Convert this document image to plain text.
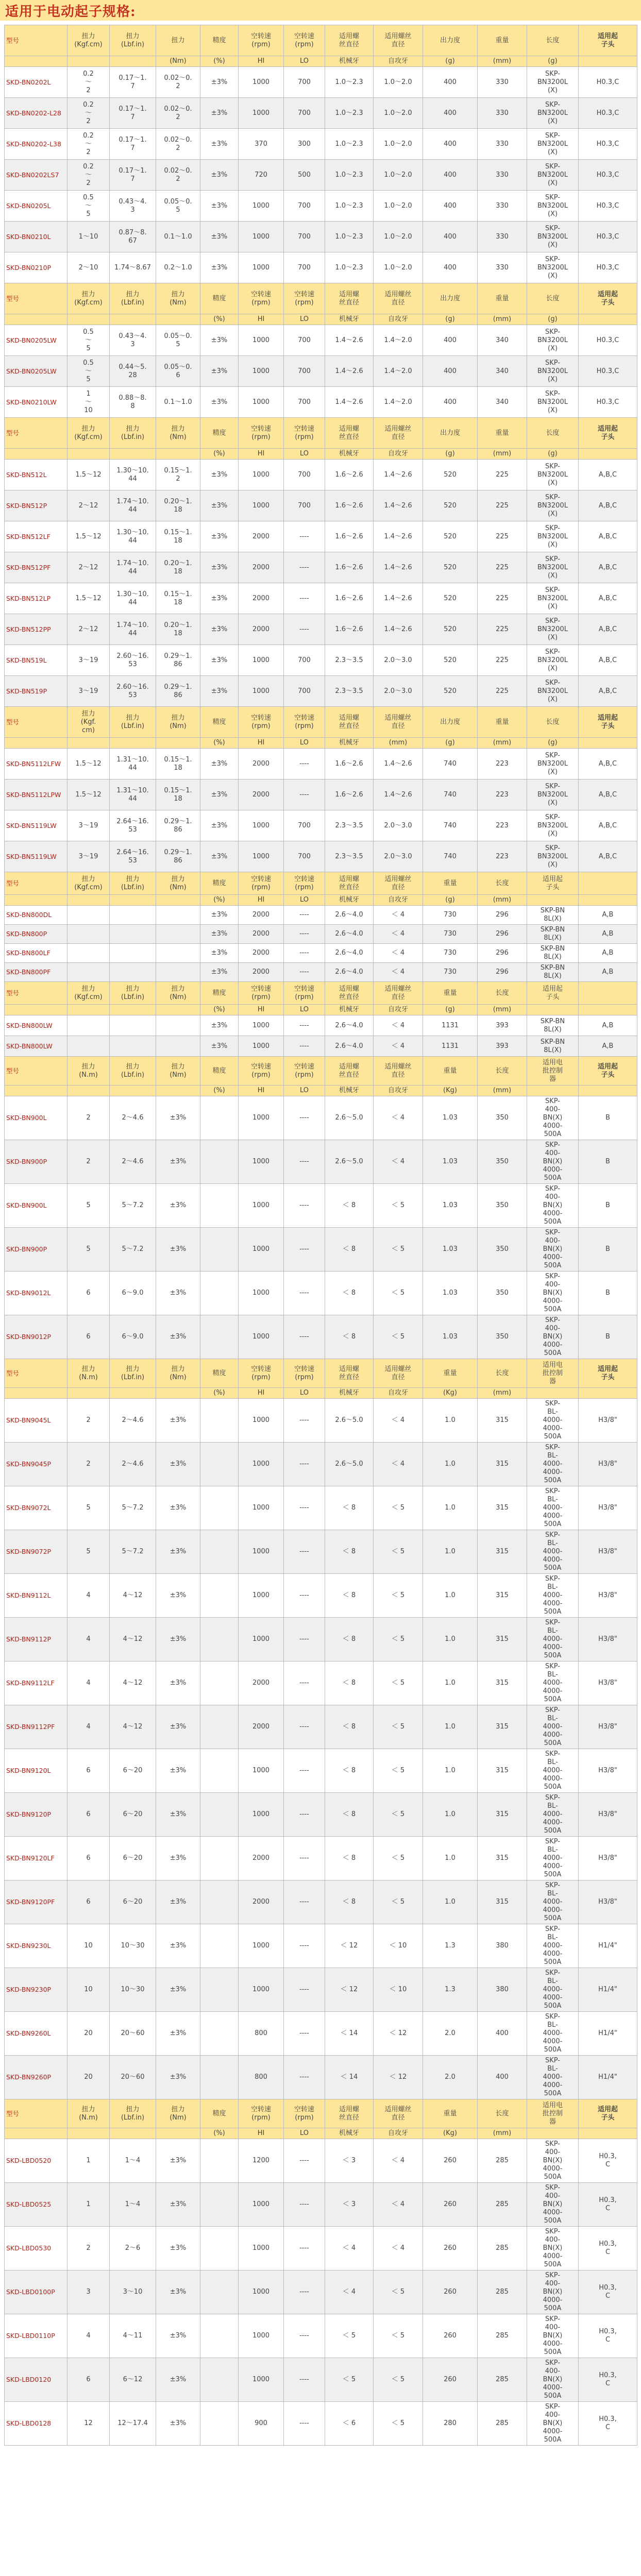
适用于电动起子规格:
型号	扭力
(Kgf.cm)	扭力
(Lbf.in)	扭力	精度	空转速
(rpm)	空转速
(rpm)	适用螺
丝直径	适用螺丝
直径	出力度	重量	长度	适用起
子头
			(Nm)	(%)	HI	LO	机械牙	自攻牙	(g)	(mm)	(g)	
SKD-BN0202L	0.2
～
2	0.17～1.
7	0.02～0.
2	±3%	1000	700	1.0～2.3	1.0～2.0	400	330	SKP-
BN3200L
(X)	H0.3,C
SKD-BN0202-L28	0.2
～
2	0.17～1.
7	0.02～0.
2	±3%	1000	700	1.0～2.3	1.0～2.0	400	330	SKP-
BN3200L
(X)	H0.3,C
SKD-BN0202-L38	0.2
～
2	0.17～1.
7	0.02～0.
2	±3%	370	300	1.0～2.3	1.0～2.0	400	330	SKP-
BN3200L
(X)	H0.3,C
SKD-BN0202LS7	0.2
～
2	0.17～1.
7	0.02～0.
2	±3%	720	500	1.0～2.3	1.0～2.0	400	330	SKP-
BN3200L
(X)	H0.3,C
SKD-BN0205L	0.5
～
5	0.43～4.
3	0.05～0.
5	±3%	1000	700	1.0～2.3	1.0～2.0	400	330	SKP-
BN3200L
(X)	H0.3,C
SKD-BN0210L	1～10	0.87～8.
67	0.1～1.0	±3%	1000	700	1.0～2.3	1.0～2.0	400	330	SKP-
BN3200L
(X)	H0.3,C
SKD-BN0210P	2～10	1.74～8.67	0.2～1.0	±3%	1000	700	1.0～2.3	1.0～2.0	400	330	SKP-
BN3200L
(X)	H0.3,C
型号	扭力
(Kgf.cm)	扭力
(Lbf.in)	扭力
(Nm)	精度	空转速
(rpm)	空转速
(rpm)	适用螺
丝直径	适用螺丝
直径	出力度	重量	长度	适用起
子头
				(%)	HI	LO	机械牙	自攻牙	(g)	(mm)	(g)	
SKD-BN0205LW	0.5
～
5	0.43～4.
3	0.05～0.
5	±3%	1000	700	1.4～2.6	1.4～2.0	400	340	SKP-
BN3200L
(X)	H0.3,C
SKD-BN0205LW	0.5
～
5	0.44～5.
28	0.05～0.
6	±3%	1000	700	1.4～2.6	1.4～2.0	400	340	SKP-
BN3200L
(X)	H0.3,C
SKD-BN0210LW	1
～
10	0.88～8.
8	0.1～1.0	±3%	1000	700	1.4～2.6	1.4～2.0	400	340	SKP-
BN3200L
(X)	H0.3,C
型号	扭力
(Kgf.cm)	扭力
(Lbf.in)	扭力
(Nm)	精度	空转速
(rpm)	空转速
(rpm)	适用螺
丝直径	适用螺丝
直径	出力度	重量	长度	适用起
子头
				(%)	HI	LO	机械牙	自攻牙	(g)	(mm)	(g)	
SKD-BN512L	1.5～12	1.30～10.
44	0.15～1.
2	±3%	1000	700	1.6～2.6	1.4～2.6	520	225	SKP-
BN3200L
(X)	A,B,C
SKD-BN512P	2～12	1.74～10.
44	0.20～1.
18	±3%	1000	700	1.6～2.6	1.4～2.6	520	225	SKP-
BN3200L
(X)	A,B,C
SKD-BN512LF	1.5～12	1.30～10.
44	0.15～1.
18	±3%	2000	----	1.6～2.6	1.4～2.6	520	225	SKP-
BN3200L
(X)	A,B,C
SKD-BN512PF	2～12	1.74～10.
44	0.20～1.
18	±3%	2000	----	1.6～2.6	1.4～2.6	520	225	SKP-
BN3200L
(X)	A,B,C
SKD-BN512LP	1.5～12	1.30～10.
44	0.15～1.
18	±3%	2000	----	1.6～2.6	1.4～2.6	520	225	SKP-
BN3200L
(X)	A,B,C
SKD-BN512PP	2～12	1.74～10.
44	0.20～1.
18	±3%	2000	----	1.6～2.6	1.4～2.6	520	225	SKP-
BN3200L
(X)	A,B,C
SKD-BN519L	3～19	2.60～16.
53	0.29～1.
86	±3%	1000	700	2.3～3.5	2.0～3.0	520	225	SKP-
BN3200L
(X)	A,B,C
SKD-BN519P	3～19	2.60～16.
53	0.29～1.
86	±3%	1000	700	2.3～3.5	2.0～3.0	520	225	SKP-
BN3200L
(X)	A,B,C
型号	扭力
(Kgf.
cm)	扭力
(Lbf.in)	扭力
(Nm)	精度	空转速
(rpm)	空转速
(rpm)	适用螺
丝直径	适用螺丝
直径	出力度	重量	长度	适用起
子头
				(%)	HI	LO	机械牙	(mm)	(g)	(mm)	(g)	
SKD-BN5112LFW	1.5～12	1.31～10.
44	0.15～1.
18	±3%	2000	----	1.6～2.6	1.4～2.6	740	223	SKP-
BN3200L
(X)	A,B,C
SKD-BN5112LPW	1.5～12	1.31～10.
44	0.15～1.
18	±3%	2000	----	1.6～2.6	1.4～2.6	740	223	SKP-
BN3200L
(X)	A,B,C
SKD-BN5119LW	3～19	2.64～16.
53	0.29～1.
86	±3%	1000	700	2.3～3.5	2.0～3.0	740	223	SKP-
BN3200L
(X)	A,B,C
SKD-BN5119LW	3～19	2.64～16.
53	0.29～1.
86	±3%	1000	700	2.3～3.5	2.0～3.0	740	223	SKP-
BN3200L
(X)	A,B,C
型号	扭力
(Kgf.cm)	扭力
(Lbf.in)	扭力
(Nm)	精度	空转速
(rpm)	空转速
(rpm)	适用螺
丝直径	适用螺丝
直径	重量	长度	适用起
子头	
				(%)	HI	LO	机械牙	自攻牙	(g)	(mm)		
SKD-BN800DL				±3%	2000	----	2.6～4.0	＜ 4	730	296	SKP-BN
8L(X)	A,B
SKD-BN800P				±3%	2000	----	2.6～4.0	＜ 4	730	296	SKP-BN
8L(X)	A,B
SKD-BN800LF				±3%	2000	----	2.6～4.0	＜ 4	730	296	SKP-BN
8L(X)	A,B
SKD-BN800PF				±3%	2000	----	2.6～4.0	＜ 4	730	296	SKP-BN
8L(X)	A,B
型号	扭力
(Kgf.cm)	扭力
(Lbf.in)	扭力
(Nm)	精度	空转速
(rpm)	空转速
(rpm)	适用螺
丝直径	适用螺丝
直径	重量	长度	适用起
子头	
				(%)	HI	LO	机械牙	自攻牙	(g)	(mm)		
SKD-BN800LW				±3%	1000	----	2.6～4.0	＜ 4	1131	393	SKP-BN
8L(X)	A,B
SKD-BN800LW				±3%	1000	----	2.6～4.0	＜ 4	1131	393	SKP-BN
8L(X)	A,B
型号	扭力
(N.m)	扭力
(Lbf.in)	扭力
(Nm)	精度	空转速
(rpm)	空转速
(rpm)	适用螺
丝直径	适用螺丝
直径	重量	长度	适用电
批控制
器	适用起
子头
				(%)	HI	LO	机械牙	自攻牙	(Kg)	(mm)		
SKD-BN900L	2	2～4.6	±3%		1000	----	2.6～5.0	＜ 4	1.03	350	SKP-
400-
BN(X)
4000-
500A	B
SKD-BN900P	2	2～4.6	±3%		1000	----	2.6～5.0	＜ 4	1.03	350	SKP-
400-
BN(X)
4000-
500A	B
SKD-BN900L	5	5～7.2	±3%		1000	----	＜ 8	＜ 5	1.03	350	SKP-
400-
BN(X)
4000-
500A	B
SKD-BN900P	5	5～7.2	±3%		1000	----	＜ 8	＜ 5	1.03	350	SKP-
400-
BN(X)
4000-
500A	B
SKD-BN9012L	6	6～9.0	±3%		1000	----	＜ 8	＜ 5	1.03	350	SKP-
400-
BN(X)
4000-
500A	B
SKD-BN9012P	6	6～9.0	±3%		1000	----	＜ 8	＜ 5	1.03	350	SKP-
400-
BN(X)
4000-
500A	B
型号	扭力
(N.m)	扭力
(Lbf.in)	扭力
(Nm)	精度	空转速
(rpm)	空转速
(rpm)	适用螺
丝直径	适用螺丝
直径	重量	长度	适用电
批控制
器	适用起
子头
				(%)	HI	LO	机械牙	自攻牙	(Kg)	(mm)		
SKD-BN9045L	2	2～4.6	±3%		1000	----	2.6～5.0	＜ 4	1.0	315	SKP-
BL-
4000-
4000-
500A	H3/8"
SKD-BN9045P	2	2～4.6	±3%		1000	----	2.6～5.0	＜ 4	1.0	315	SKP-
BL-
4000-
4000-
500A	H3/8"
SKD-BN9072L	5	5～7.2	±3%		1000	----	＜ 8	＜ 5	1.0	315	SKP-
BL-
4000-
4000-
500A	H3/8"
SKD-BN9072P	5	5～7.2	±3%		1000	----	＜ 8	＜ 5	1.0	315	SKP-
BL-
4000-
4000-
500A	H3/8"
SKD-BN9112L	4	4～12	±3%		1000	----	＜ 8	＜ 5	1.0	315	SKP-
BL-
4000-
4000-
500A	H3/8"
SKD-BN9112P	4	4～12	±3%		1000	----	＜ 8	＜ 5	1.0	315	SKP-
BL-
4000-
4000-
500A	H3/8"
SKD-BN9112LF	4	4～12	±3%		2000	----	＜ 8	＜ 5	1.0	315	SKP-
BL-
4000-
4000-
500A	H3/8"
SKD-BN9112PF	4	4～12	±3%		2000	----	＜ 8	＜ 5	1.0	315	SKP-
BL-
4000-
4000-
500A	H3/8"
SKD-BN9120L	6	6～20	±3%		1000	----	＜ 8	＜ 5	1.0	315	SKP-
BL-
4000-
4000-
500A	H3/8"
SKD-BN9120P	6	6～20	±3%		1000	----	＜ 8	＜ 5	1.0	315	SKP-
BL-
4000-
4000-
500A	H3/8"
SKD-BN9120LF	6	6～20	±3%		2000	----	＜ 8	＜ 5	1.0	315	SKP-
BL-
4000-
4000-
500A	H3/8"
SKD-BN9120PF	6	6～20	±3%		2000	----	＜ 8	＜ 5	1.0	315	SKP-
BL-
4000-
4000-
500A	H3/8"
SKD-BN9230L	10	10～30	±3%		1000	----	＜ 12	＜ 10	1.3	380	SKP-
BL-
4000-
4000-
500A	H1/4"
SKD-BN9230P	10	10～30	±3%		1000	----	＜ 12	＜ 10	1.3	380	SKP-
BL-
4000-
4000-
500A	H1/4"
SKD-BN9260L	20	20～60	±3%		800	----	＜ 14	＜ 12	2.0	400	SKP-
BL-
4000-
4000-
500A	H1/4"
SKD-BN9260P	20	20～60	±3%		800	----	＜ 14	＜ 12	2.0	400	SKP-
BL-
4000-
4000-
500A	H1/4"
型号	扭力
(N.m)	扭力
(Lbf.in)	扭力
(Nm)	精度	空转速
(rpm)	空转速
(rpm)	适用螺
丝直径	适用螺丝
直径	重量	长度	适用电
批控制
器	适用起
子头
				(%)	HI	LO	机械牙	自攻牙	(Kg)	(mm)		
SKD-LBD0520	1	1～4	±3%		1200	----	＜ 3	＜ 4	260	285	SKP-
400-
BN(X)
4000-
500A	H0.3,
C
SKD-LBD0525	1	1～4	±3%		1000	----	＜ 3	＜ 4	260	285	SKP-
400-
BN(X)
4000-
500A	H0.3,
C
SKD-LBD0530	2	2～6	±3%		1000	----	＜ 4	＜ 4	260	285	SKP-
400-
BN(X)
4000-
500A	H0.3,
C
SKD-LBD0100P	3	3～10	±3%		1000	----	＜ 4	＜ 5	260	285	SKP-
400-
BN(X)
4000-
500A	H0.3,
C
SKD-LBD0110P	4	4～11	±3%		1000	----	＜ 5	＜ 5	260	285	SKP-
400-
BN(X)
4000-
500A	H0.3,
C
SKD-LBD0120	6	6～12	±3%		1000	----	＜ 5	＜ 5	260	285	SKP-
400-
BN(X)
4000-
500A	H0.3,
C
SKD-LBD0128	12	12～17.4	±3%		900	----	＜ 6	＜ 5	280	285	SKP-
400-
BN(X)
4000-
500A	H0.3,
C
